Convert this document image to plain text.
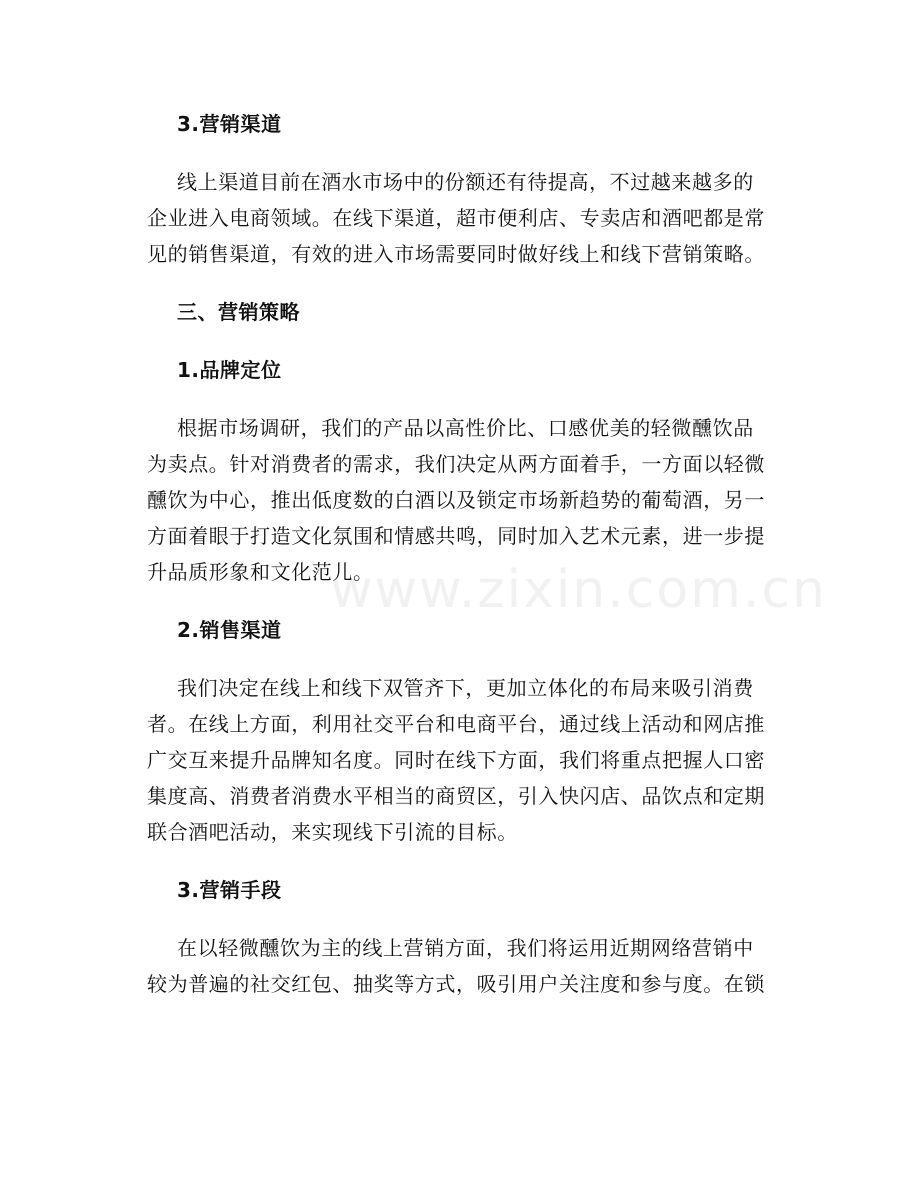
www.zixin.com.cn
3.营销渠道
线上渠道目前在酒水市场中的份额还有待提高，不过越来越多的
企业进入电商领域。在线下渠道，超市便利店、专卖店和酒吧都是常
见的销售渠道，有效的进入市场需要同时做好线上和线下营销策略。
三、营销策略
1.品牌定位
根据市场调研，我们的产品以高性价比、口感优美的轻微醺饮品
为卖点。针对消费者的需求，我们决定从两方面着手，一方面以轻微
醺饮为中心，推出低度数的白酒以及锁定市场新趋势的葡萄酒，另一
方面着眼于打造文化氛围和情感共鸣，同时加入艺术元素，进一步提
升品质形象和文化范儿。
2.销售渠道
我们决定在线上和线下双管齐下，更加立体化的布局来吸引消费
者。在线上方面，利用社交平台和电商平台，通过线上活动和网店推
广交互来提升品牌知名度。同时在线下方面，我们将重点把握人口密
集度高、消费者消费水平相当的商贸区，引入快闪店、品饮点和定期
联合酒吧活动，来实现线下引流的目标。
3.营销手段
在以轻微醺饮为主的线上营销方面，我们将运用近期网络营销中
较为普遍的社交红包、抽奖等方式，吸引用户关注度和参与度。在锁
